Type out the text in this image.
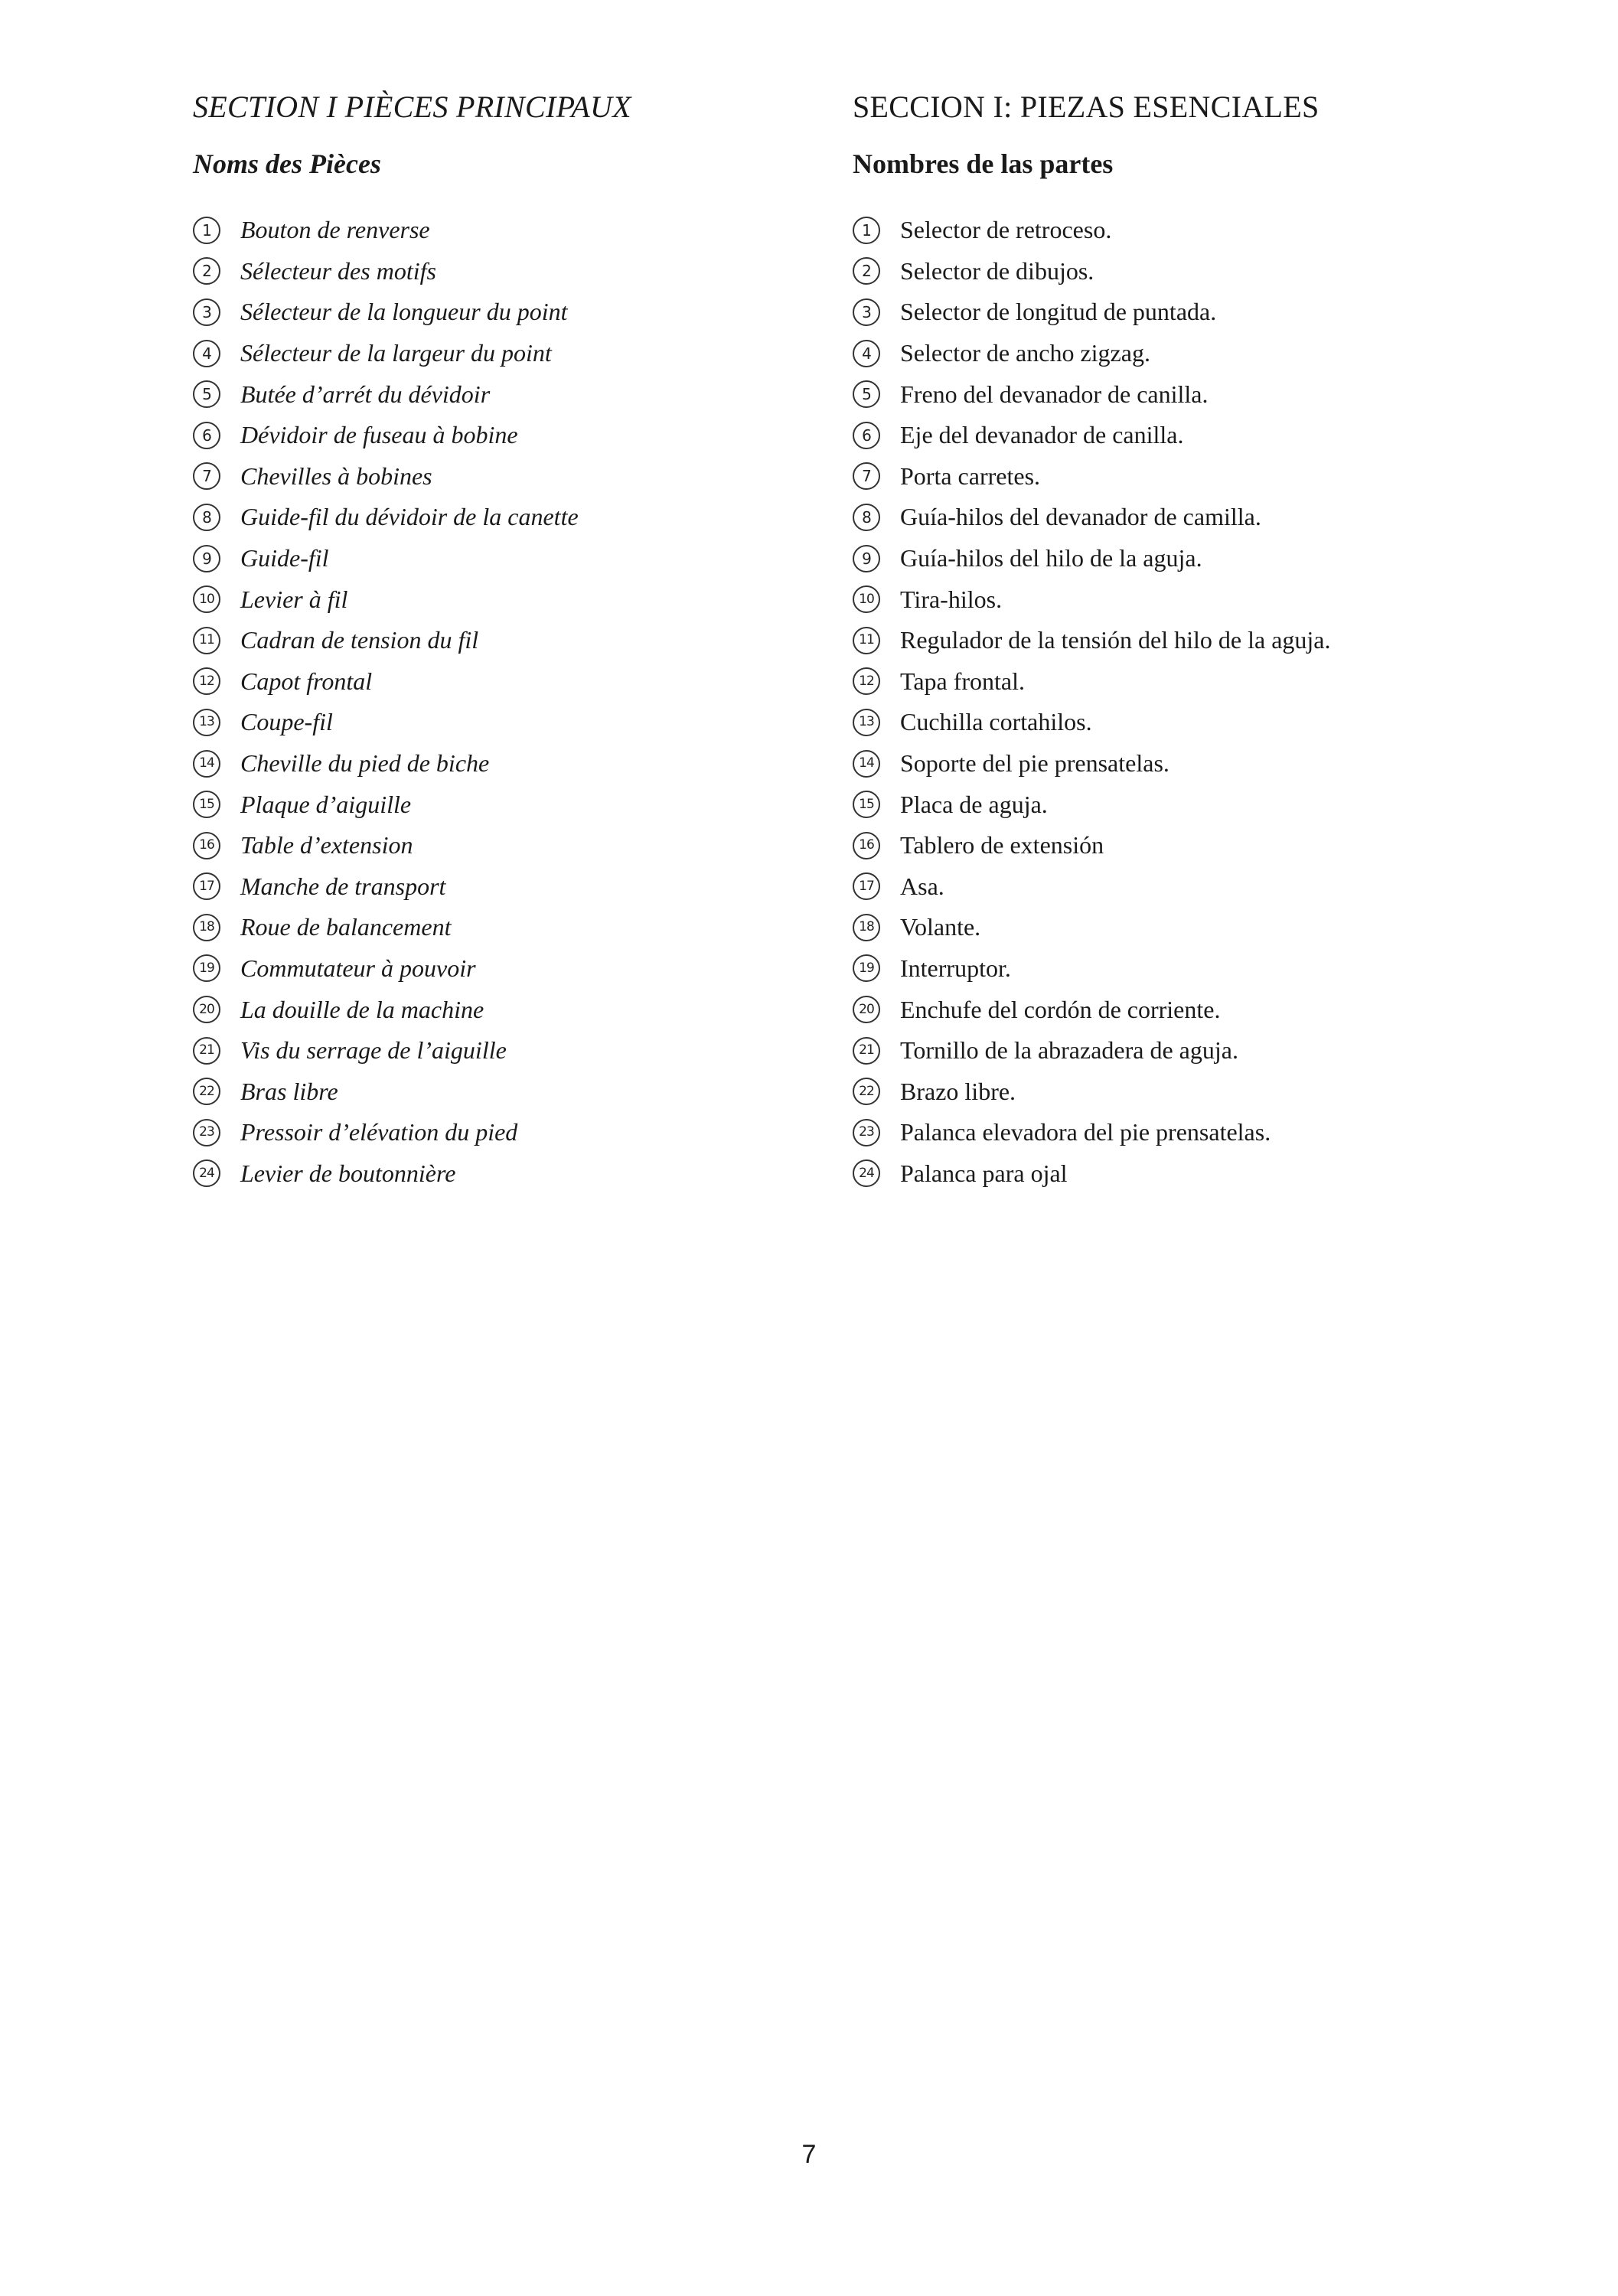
SECTION I PIÈCES PRINCIPAUX
Noms des Pièces
1	Bouton de renverse
2	Sélecteur des motifs
3	Sélecteur de la longueur du point
4	Sélecteur de la largeur du point
5	Butée d’arrét du dévidoir
6	Dévidoir de fuseau à bobine
7	Chevilles à bobines
8	Guide-fil du dévidoir de la canette
9	Guide-fil
10 Levier à fil
11 Cadran de tension du fil
12 Capot frontal
13 Coupe-fil
14 Cheville du pied de biche
15 Plaque d’aiguille
16 Table d’extension
17 Manche de transport
18 Roue de balancement
19 Commutateur à pouvoir
20 La douille de la machine
21 Vis du serrage de l’aiguille
22 Bras libre
23 Pressoir d’elévation du pied
24 Levier de boutonnière
SECCION I: PIEZAS ESENCIALES
Nombres de las partes
1	Selector de retroceso.
2	Selector de dibujos.
3	Selector de longitud de puntada.
4	Selector de ancho zigzag.
5	Freno del devanador de canilla.
6	Eje del devanador de canilla.
7	Porta carretes.
8	Guía-hilos del devanador de camilla.
9	Guía-hilos del hilo de la aguja.
10 Tira-hilos.
11 Regulador de la tensión del hilo de la aguja.
12 Tapa frontal.
13 Cuchilla cortahilos.
14 Soporte del pie prensatelas.
15 Placa de aguja.
16 Tablero de extensión
17 Asa.
18 Volante.
19 Interruptor.
20 Enchufe del cordón de corriente.
21 Tornillo de la abrazadera de aguja.
22 Brazo libre.
23 Palanca elevadora del pie prensatelas.
24 Palanca para ojal
7
